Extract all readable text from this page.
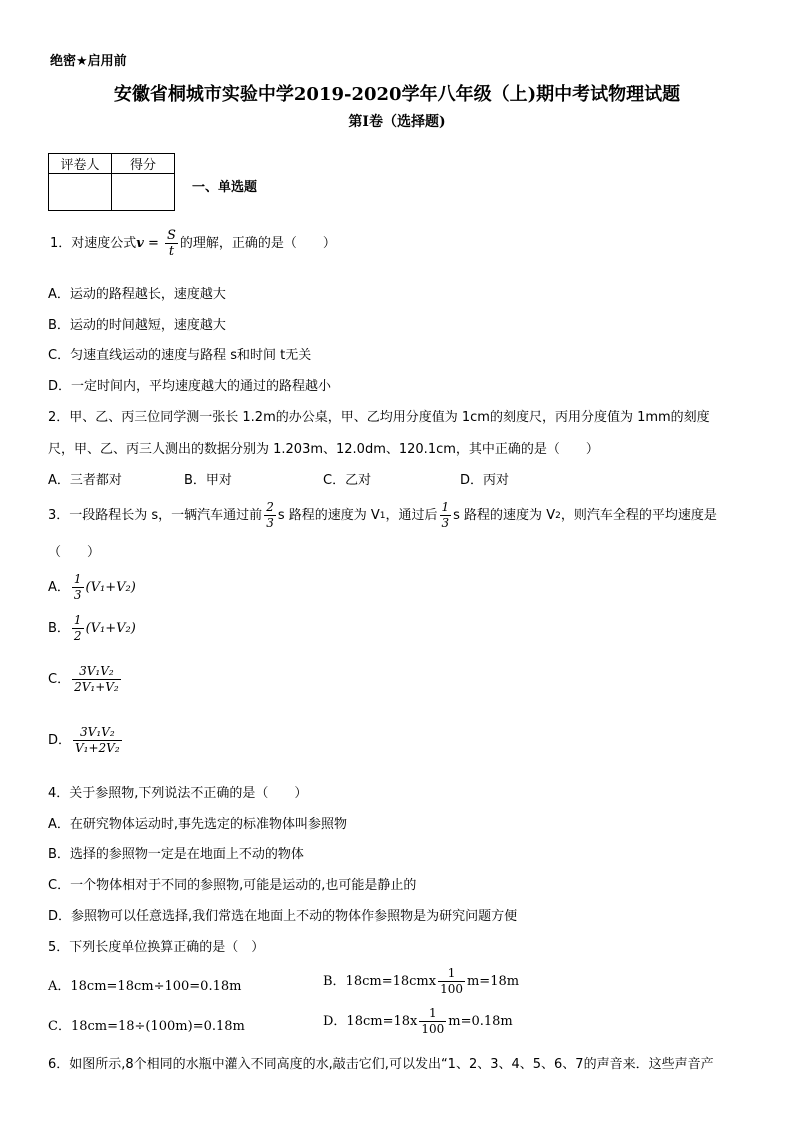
绝密★启用前
安徽省桐城市实验中学2019-2020学年八年级（上)期中考试物理试题
第I卷（选择题)
评卷人	得分

一、单选题
1．对速度公式 $v = \frac{S}{t}$ 的理解，正确的是（　　）
A．运动的路程越长，速度越大
B．运动的时间越短，速度越大
C．匀速直线运动的速度与路程 s和时间 t无关
D．一定时间内，平均速度越大的通过的路程越小
2．甲、乙、丙三位同学测一张长 1.2m的办公桌，甲、乙均用分度值为 1cm的刻度尺，丙用分度值为 1mm的刻度
尺，甲、乙、丙三人测出的数据分别为 1.203m、12.0dm、120.1cm，其中正确的是（　　）
A．三者都对	B．甲对	C．乙对	D．丙对
3．一段路程长为 s，一辆汽车通过前 $\frac{2}{3}$ s 路程的速度为 V 1 ，通过后 $\frac{1}{3}$ s 路程的速度为 V 2 ，则汽车全程的平均速度是
（　　）
A． $\frac{1}{3} (V_1+V_2)$
B． $\frac{1}{2} (V_1+V_2)$
C． $\frac{\text{3V₁V₂}}{\text{2V₁+V₂}}$
D． $\frac{\text{3V₁V₂}}{\text{V₁+2V₂}}$
4．关于参照物,下列说法不正确的是（　　）
A．在研究物体运动时,事先选定的标准物体叫参照物
B．选择的参照物一定是在地面上不动的物体
C．一个物体相对于不同的参照物,可能是运动的,也可能是静止的
D．参照物可以任意选择,我们常选在地面上不动的物体作参照物是为研究问题方便
5．下列长度单位换算正确的是（　）
A．18cm=18cm÷100=0.18m	B．$18cm=18cmx \frac{1}{100} m=18m$
C．18cm=18÷(100m)=0.18m	D．$18cm=18x \frac{1}{100} m=0.18m$
6．如图所示,8个相同的水瓶中灌入不同高度的水,敲击它们,可以发出“1、2、3、4、5、6、7的声音来．这些声音产
